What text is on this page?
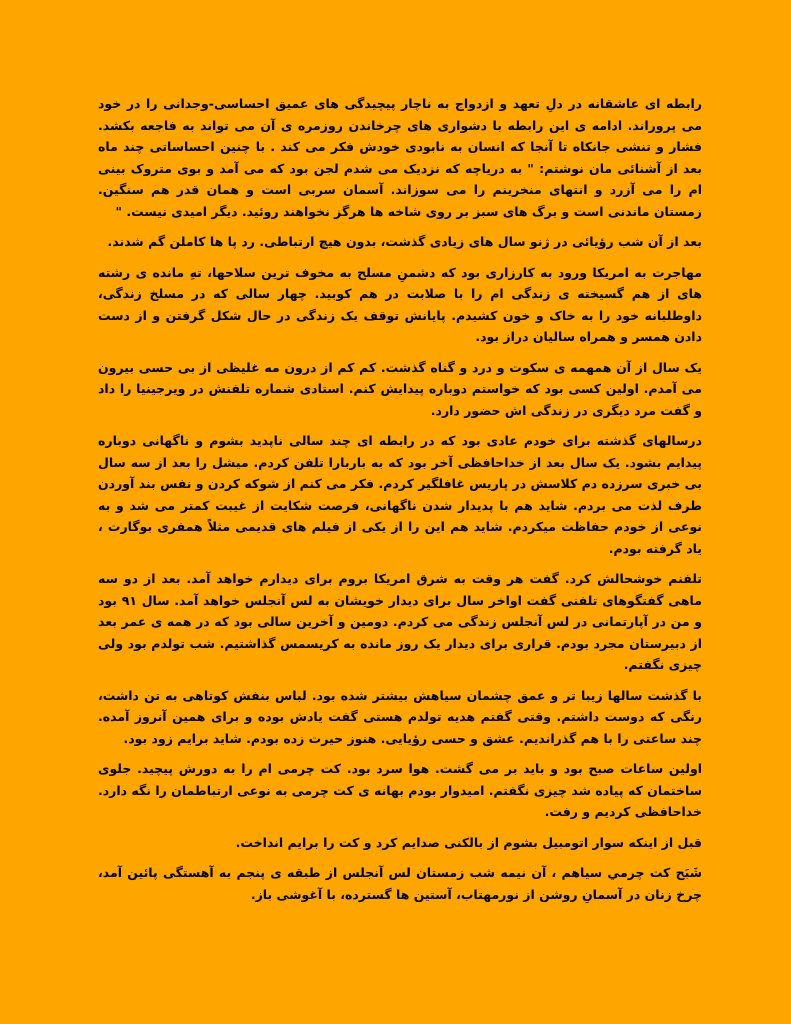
رابطه ای عاشقانه در دلِ تعهد و ازدواج به ناچار پیچیدگی های عمیق احساسی-وجدانی را در خود می پروراند. ادامه ی این رابطه با دشواری های چرخاندن روزمره ی آن می تواند به فاجعه بکشد. فشار و تنشی جانکاه تا آنجا که انسان به نابودی خودش فکر می کند . با چنین احساساتی چند ماه بعد از آشنائی مان نوشتم: " به دریاچه که نزدیک می شدم لجن بود که می آمد و بوی متروک بینی ام را می آزرد و انتهای منخرینم را می سوزاند. آسمان سربی است و همان قدر هم سنگین. زمستان ماندنی است و برگ های سبز بر روی شاخه ها هرگز نخواهند روئید. دیگر امیدی نیست. "

بعد از آن شب رؤیائی در ژنو سال های زیادی گذشت، بدون هیچ ارتباطی. رد پا ها کاملن گم شدند.

مهاجرت به امریکا ورود به کارزاری بود که دشمنِ مسلح به مخوف ترین سلاحها، تهِ مانده ی رشته های از هم گسیخته ی زندگی ام را با صلابت در هم کوبید. چهار سالی که در مسلخ زندگی، داوطلبانه خود را به خاک و خون کشیدم. پایانش توقف یک زندگی در حال شکل گرفتن و از دست دادن همسر و همراه سالیان دراز بود.

یک سال از آن همهمه ی سکوت و درد و گناه گذشت. کم کم از درون مه غلیظی از بی حسی بیرون می آمدم. اولین کسی بود که خواستم دوباره پیدایش کنم. استادی شماره تلفنش در ویرجینیا را داد و گفت مرد دیگری در زندگی اش حضور دارد.

درسالهای گذشته برای خودم عادی بود که در رابطه ای چند سالی ناپدید بشوم و ناگهانی دوباره پیدایم بشود. یک سال بعد از خداحافظی آخر بود که به باربارا تلفن کردم. میشل را بعد از سه سال بی خبری سرزده دم کلاسش در پاریس غافلگیر کردم. فکر می کنم از شوکه کردن و نفس بند آوردن طرف لذت می بردم. شاید هم با پدیدار شدن ناگهانی، فرصت شکایت از غیبت کمتر می شد و به نوعی از خودم حفاظت میکردم. شاید هم این را از یکی از فیلم های قدیمی مثلاً همفری بوگارت ، یاد گرفته بودم.

تلفنم خوشحالش کرد. گفت هر وقت به شرق امریکا بروم برای دیدارم خواهد آمد. بعد از دو سه ماهی گفتگوهای تلفنی گفت اواخر سال برای دیدار خویشان به لس آنجلس خواهد آمد. سال ۹۱ بود و من در آپارتمانی در لس آنجلس زندگی می کردم. دومین و آخرین سالی بود که در همه ی عمر بعد از دبیرستان مجرد بودم. قراری برای دیدار یک روز مانده به کریسمس گذاشتیم. شب تولدم بود ولی چیزی نگفتم.

با گذشت سالها زیبا تر و عمق چشمان سیاهش بیشتر شده بود. لباس بنفش کوتاهی به تن داشت، رنگی که دوست داشتم. وقتی گفتم هدیه تولدم هستی گفت یادش بوده و برای همین آنروز آمده. چند ساعتی را با هم گذراندیم. عشق و حسی رؤیایی. هنوز حیرت زده بودم. شاید برایم زود بود.

اولین ساعات صبح بود و باید بر می گشت. هوا سرد بود. کت چرمی ام را به دورش پیچید. جلوی ساختمان که پیاده شد چیزی نگفتم. امیدوار بودم بهانه ی کت چرمی به نوعی ارتباطمان را نگه دارد. خداحافظی کردیم و رفت.

قبل از اینکه سوار اتومبیل بشوم از بالکنی صدایم کرد و کت را برایم انداخت.

شَبَح کت چرمي سیاهم ، آن نیمه شب زمستان لس آنجلس از طبقه ی پنجم به آهستگی پائین آمد، چرخ زنان در آسمانِ روشن از نورمهتاب، آستین ها گسترده، با آغوشی باز.
